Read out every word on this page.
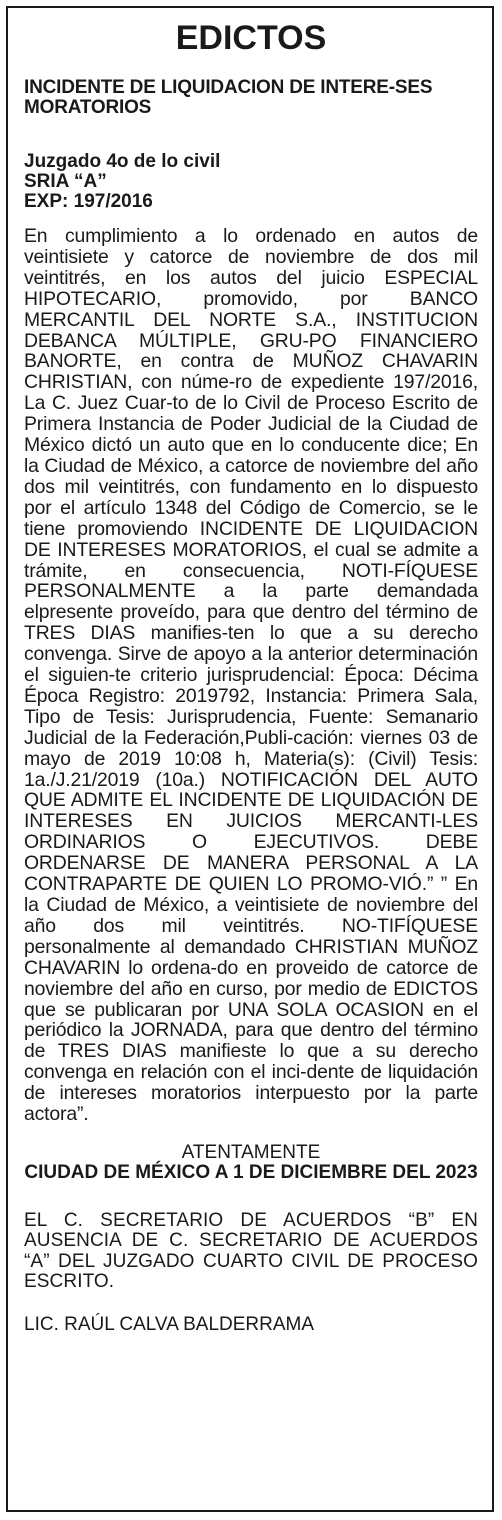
EDICTOS

INCIDENTE DE LIQUIDACION DE INTERE-SES MORATORIOS

Juzgado 4o de lo civil
SRIA “A”
EXP: 197/2016

En cumplimiento a lo ordenado en autos de veintisiete y catorce de noviembre de dos mil veintitrés, en los autos del juicio ESPECIAL HIPOTECARIO, promovido, por BANCO MERCANTIL DEL NORTE S.A., INSTITUCION DEBANCA MÚLTIPLE, GRU-PO FINANCIERO BANORTE, en contra de MUÑOZ CHAVARIN CHRISTIAN, con núme-ro de expediente 197/2016, La C. Juez Cuar-to de lo Civil de Proceso Escrito de Primera Instancia de Poder Judicial de la Ciudad de México dictó un auto que en lo conducente dice; En la Ciudad de México, a catorce de noviembre del año dos mil veintitrés, con fundamento en lo dispuesto por el artículo 1348 del Código de Comercio, se le tiene promoviendo INCIDENTE DE LIQUIDACION DE INTERESES MORATORIOS, el cual se admite a trámite, en consecuencia, NOTI-FÍQUESE PERSONALMENTE a la parte demandada elpresente proveído, para que dentro del término de TRES DIAS manifies-ten lo que a su derecho convenga. Sirve de apoyo a la anterior determinación el siguien-te criterio jurisprudencial: Época: Décima Época Registro: 2019792, Instancia: Primera Sala, Tipo de Tesis: Jurisprudencia, Fuente: Semanario Judicial de la Federación,Publi-cación: viernes 03 de mayo de 2019 10:08 h, Materia(s): (Civil) Tesis: 1a./J.21/2019 (10a.) NOTIFICACIÓN DEL AUTO QUE ADMITE EL INCIDENTE DE LIQUIDACIÓN DE INTERESES EN JUICIOS MERCANTI-LES ORDINARIOS O EJECUTIVOS. DEBE ORDENARSE DE MANERA PERSONAL A LA CONTRAPARTE DE QUIEN LO PROMO-VIÓ.” ” En la Ciudad de México, a veintisiete de noviembre del año dos mil veintitrés. NO-TIFÍQUESE personalmente al demandado CHRISTIAN MUÑOZ CHAVARIN lo ordena-do en proveido de catorce de noviembre del año en curso, por medio de EDICTOS que se publicaran por UNA SOLA OCASION en el periódico la JORNADA, para que dentro del término de TRES DIAS manifieste lo que a su derecho convenga en relación con el inci-dente de liquidación de intereses moratorios interpuesto por la parte actora”.

ATENTAMENTE
CIUDAD DE MÉXICO A 1 DE DICIEMBRE DEL 2023

EL C. SECRETARIO DE ACUERDOS “B” EN AUSENCIA DE C. SECRETARIO DE ACUERDOS “A” DEL JUZGADO CUARTO CIVIL DE PROCESO ESCRITO.

LIC. RAÚL CALVA BALDERRAMA
